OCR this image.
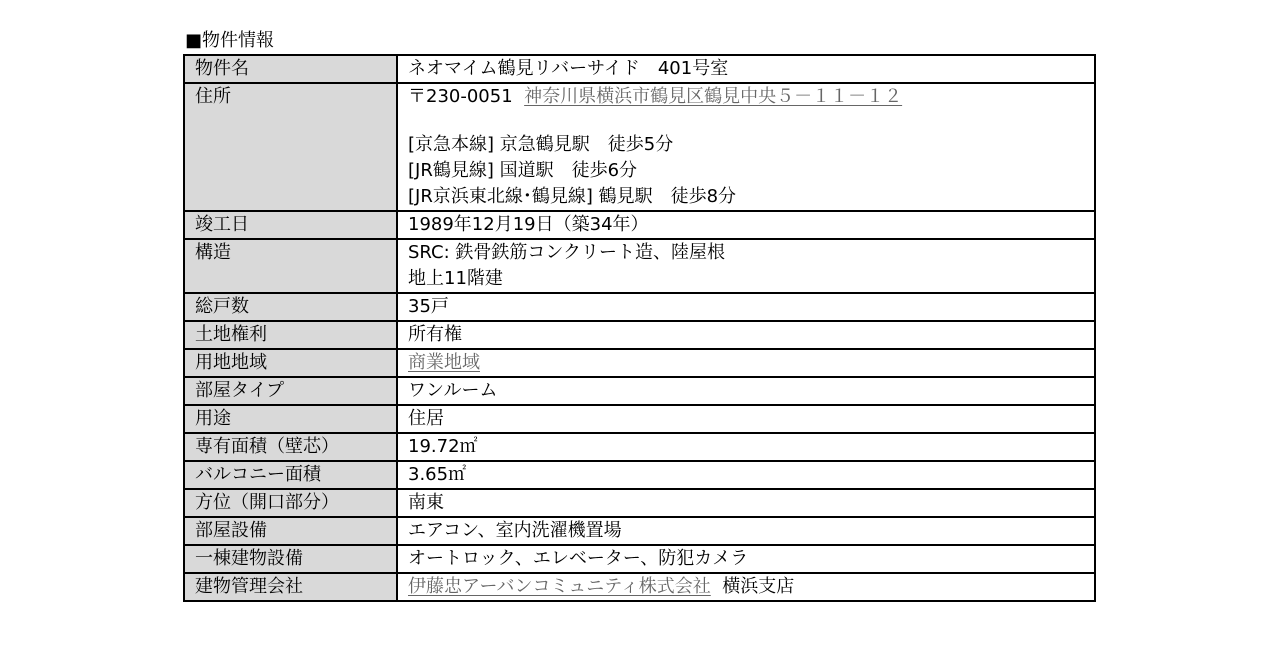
■物件情報
物件名	ネオマイム鶴見リバーサイド　401号室
住所	〒230-0051 神奈川県横浜市鶴見区鶴見中央５－１１－１２
[京急本線] 京急鶴見駅　徒歩5分
[JR鶴見線] 国道駅　徒歩6分
[JR京浜東北線･鶴見線] 鶴見駅　徒歩8分

竣工日	1989年12月19日（築34年）
構造	SRC: 鉄骨鉄筋コンクリート造、陸屋根
地上11階建

総戸数	35戸
土地権利	所有権
用地地域	商業地域
部屋タイプ	ワンルーム
用途	住居
専有面積（壁芯）	19.72㎡
バルコニー面積	3.65㎡
方位（開口部分）	南東
部屋設備	エアコン、室内洗濯機置場
一棟建物設備	オートロック、エレベーター、防犯カメラ
建物管理会社	伊藤忠アーバンコミュニティ株式会社 横浜支店
